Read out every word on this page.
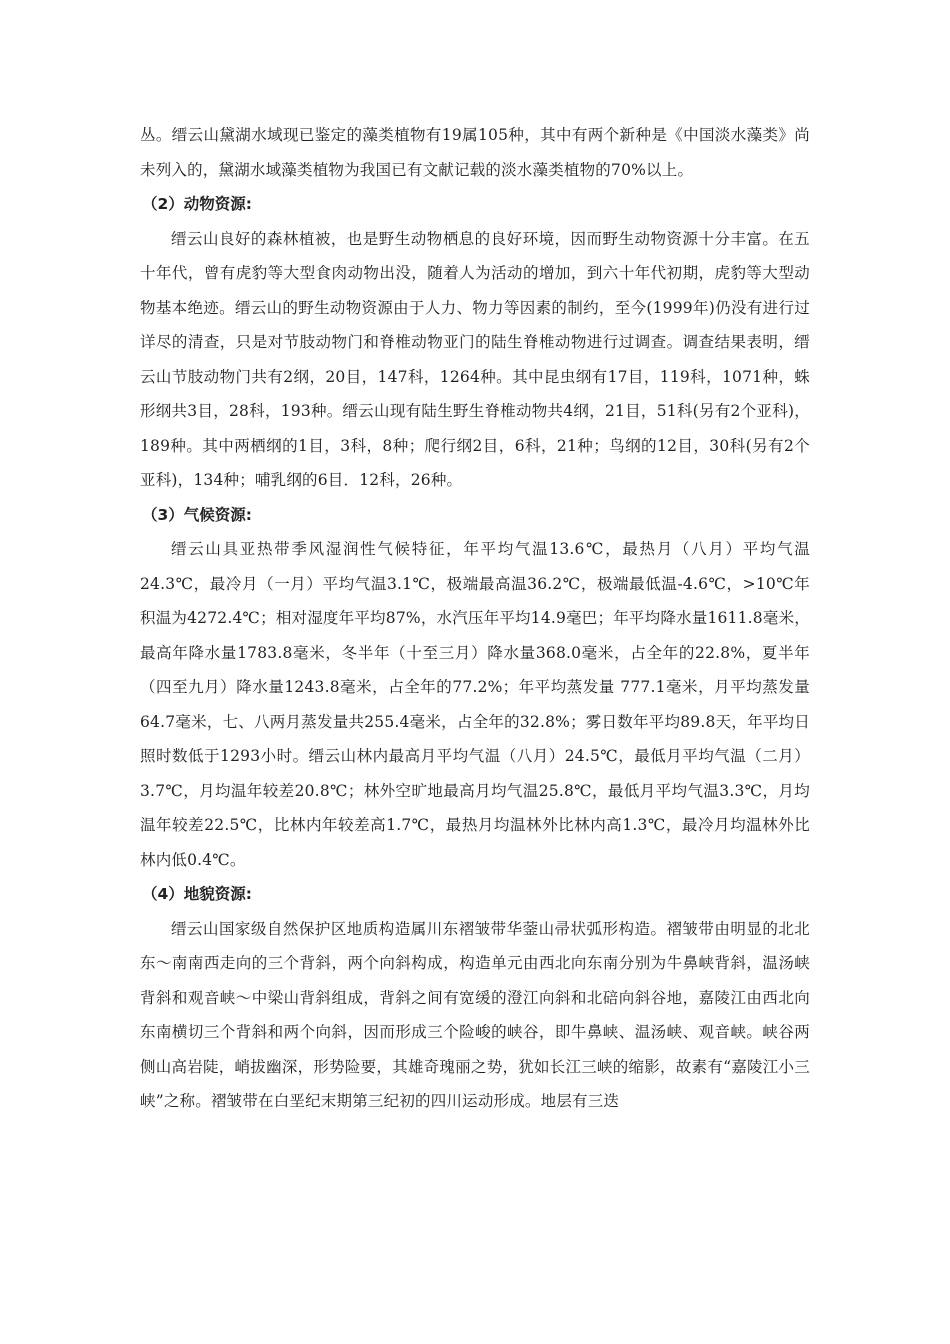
丛。缙云山黛湖水域现已鉴定的藻类植物有19属105种，其中有两个新种是《中国淡水藻类》尚未列入的，黛湖水域藻类植物为我国已有文献记载的淡水藻类植物的70%以上。

（2）动物资源:

缙云山良好的森林植被，也是野生动物栖息的良好环境，因而野生动物资源十分丰富。在五十年代，曾有虎豹等大型食肉动物出没，随着人为活动的增加，到六十年代初期，虎豹等大型动物基本绝迹。缙云山的野生动物资源由于人力、物力等因素的制约，至今(1999年)仍没有进行过详尽的清查，只是对节肢动物门和脊椎动物亚门的陆生脊椎动物进行过调查。调查结果表明，缙云山节肢动物门共有2纲，20目，147科，1264种。其中昆虫纲有17目，119科，1071种，蛛形纲共3目，28科，193种。缙云山现有陆生野生脊椎动物共4纲，21目，51科(另有2个亚科)，189种。其中两栖纲的1目，3科，8种；爬行纲2目，6科，21种；鸟纲的12目，30科(另有2个亚科)，134种；哺乳纲的6目．12科，26种。

（3）气候资源:

缙云山具亚热带季风湿润性气候特征，年平均气温13.6℃，最热月（八月）平均气温24.3℃，最冷月（一月）平均气温3.1℃，极端最高温36.2℃，极端最低温-4.6℃，>10℃年积温为4272.4℃；相对湿度年平均87%，水汽压年平均14.9毫巴；年平均降水量1611.8毫米，最高年降水量1783.8毫米，冬半年（十至三月）降水量368.0毫米，占全年的22.8%，夏半年（四至九月）降水量1243.8毫米，占全年的77.2%；年平均蒸发量 777.1毫米，月平均蒸发量64.7毫米，七、八两月蒸发量共255.4毫米，占全年的32.8%；雾日数年平均89.8天，年平均日照时数低于1293小时。缙云山林内最高月平均气温（八月）24.5℃，最低月平均气温（二月）3.7℃，月均温年较差20.8℃；林外空旷地最高月均气温25.8℃，最低月平均气温3.3℃，月均温年较差22.5℃，比林内年较差高1.7℃，最热月均温林外比林内高1.3℃，最冷月均温林外比林内低0.4℃。

（4）地貌资源:

缙云山国家级自然保护区地质构造属川东褶皱带华蓥山帚状弧形构造。褶皱带由明显的北北东～南南西走向的三个背斜，两个向斜构成，构造单元由西北向东南分别为牛鼻峡背斜，温汤峡背斜和观音峡～中梁山背斜组成，背斜之间有宽缓的澄江向斜和北碚向斜谷地，嘉陵江由西北向东南横切三个背斜和两个向斜，因而形成三个险峻的峡谷，即牛鼻峡、温汤峡、观音峡。峡谷两侧山高岩陡，峭拔幽深，形势险要，其雄奇瑰丽之势，犹如长江三峡的缩影，故素有“嘉陵江小三峡”之称。褶皱带在白垩纪末期第三纪初的四川运动形成。地层有三迭
